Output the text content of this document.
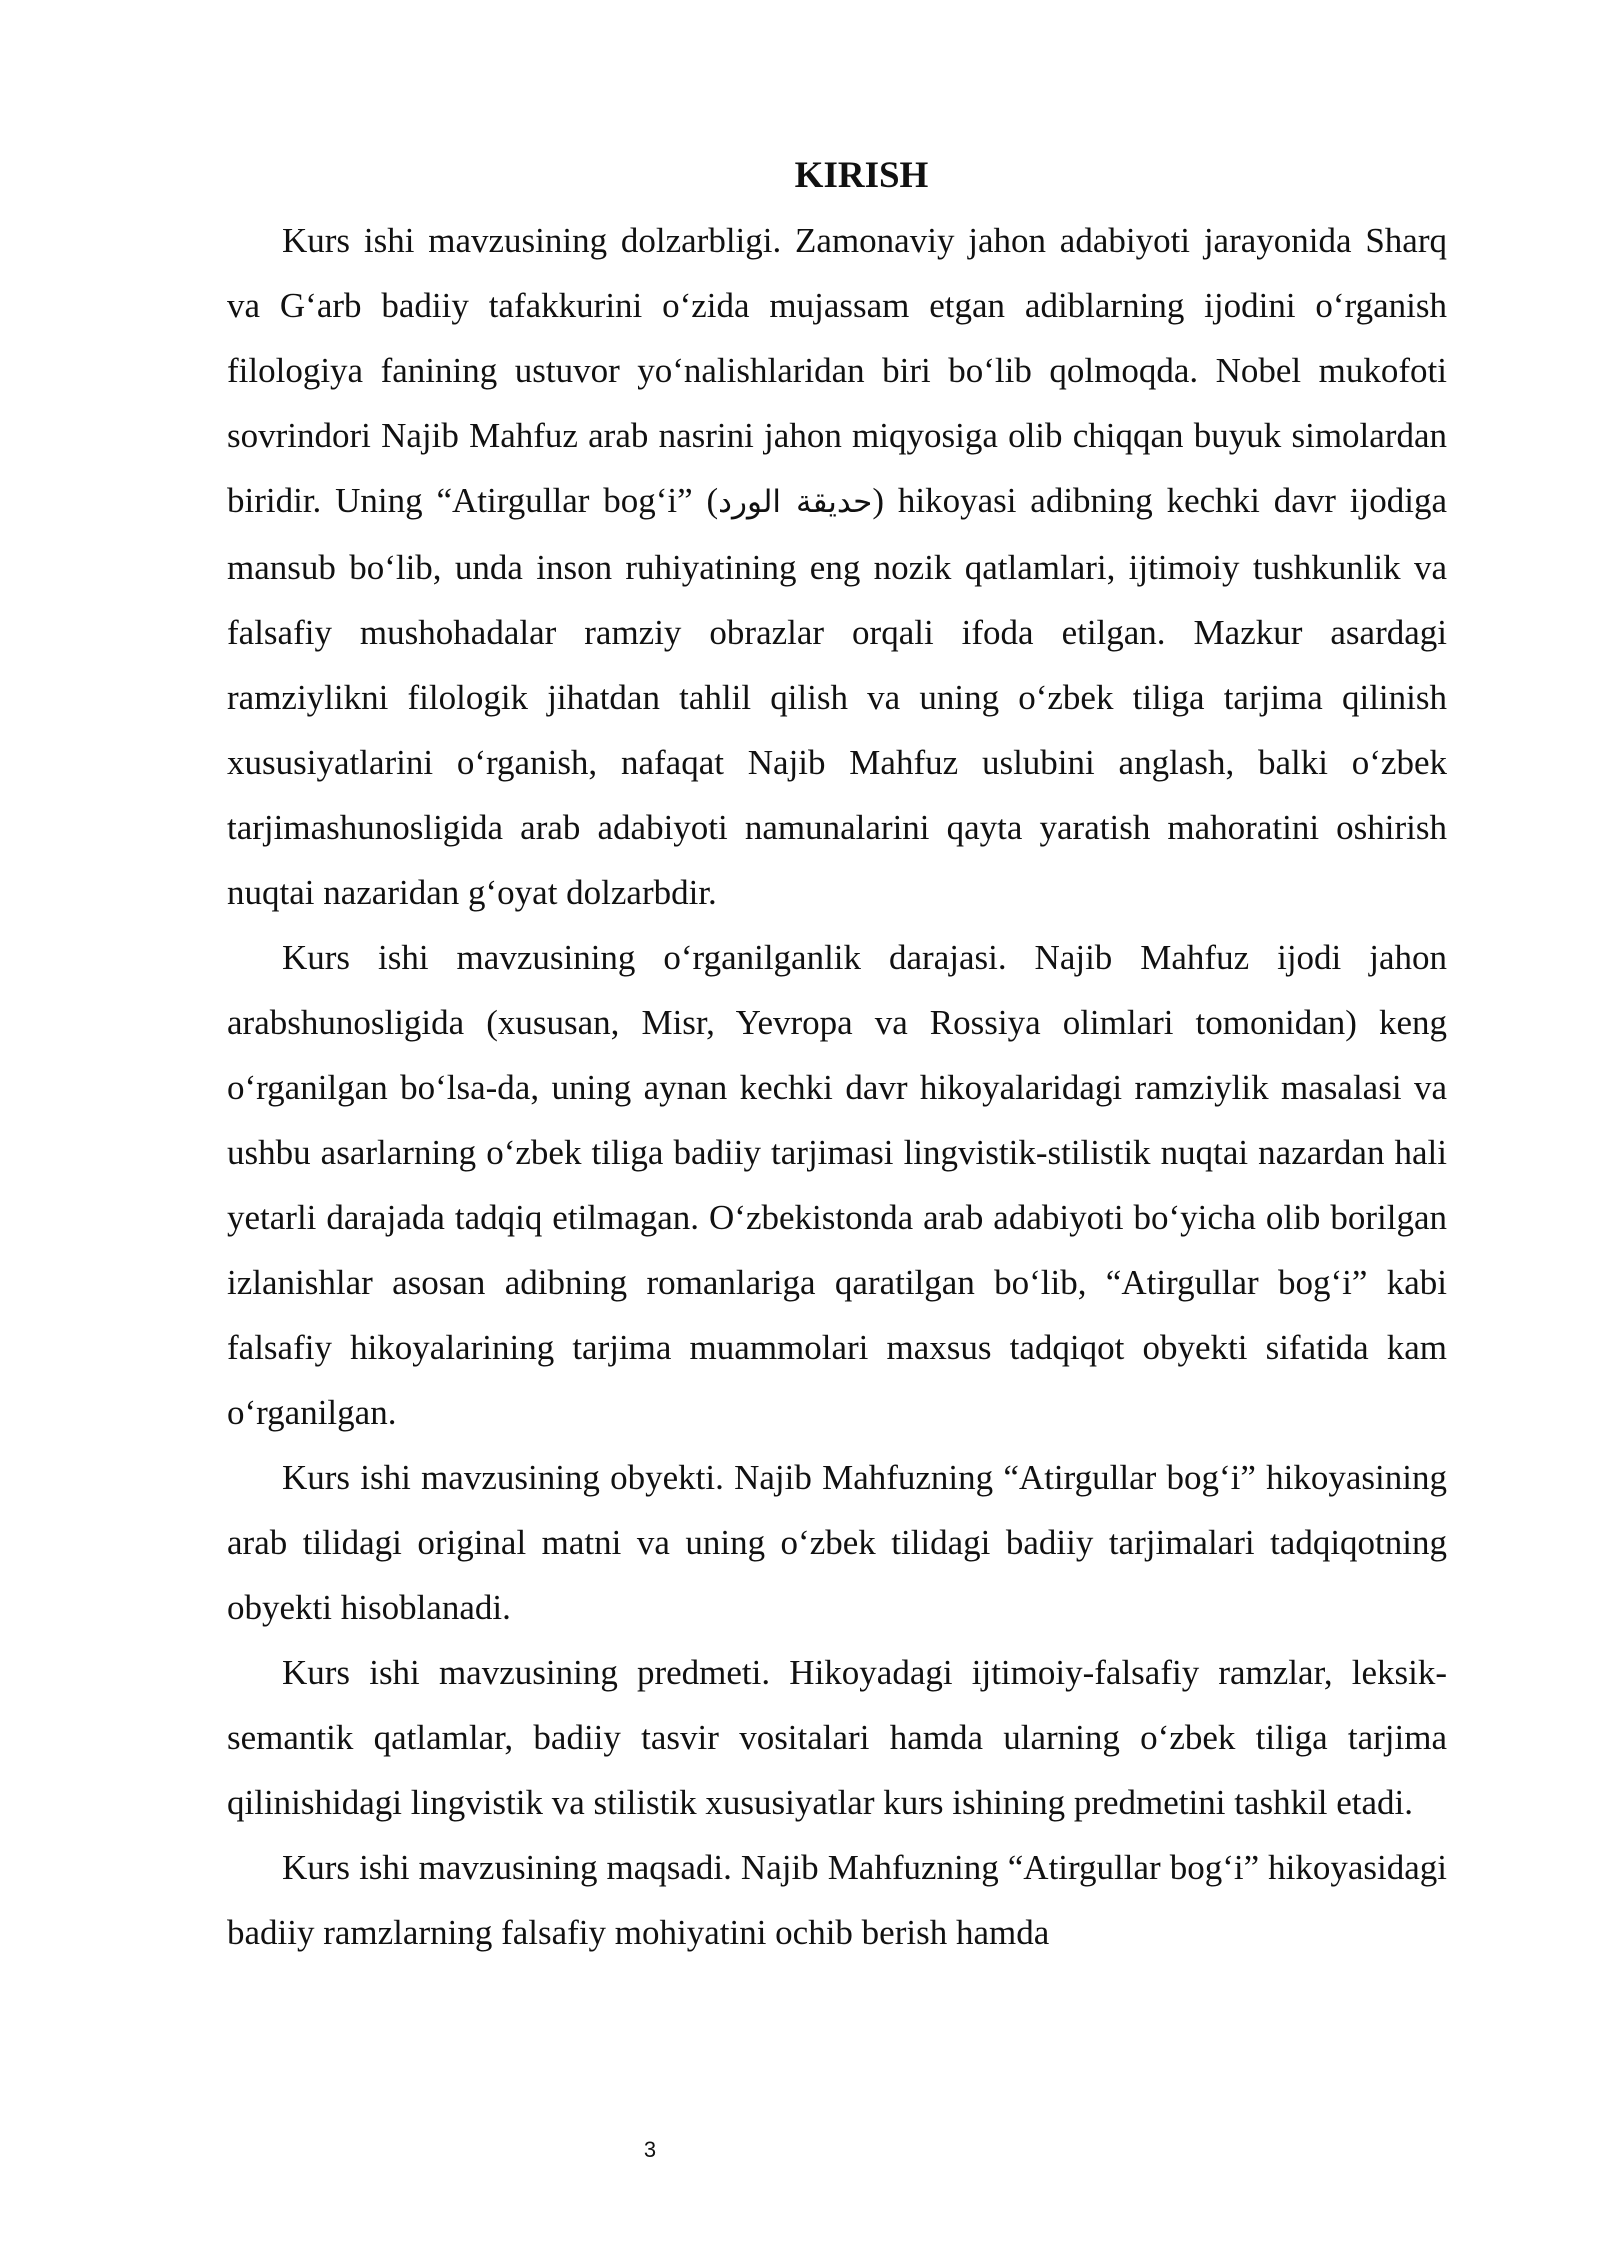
KIRISH

Kurs ishi mavzusining dolzarbligi. Zamonaviy jahon adabiyoti jarayonida Sharq va G‘arb badiiy tafakkurini o‘zida mujassam etgan adiblarning ijodini o‘rganish filologiya fanining ustuvor yo‘nalishlaridan biri bo‘lib qolmoqda. Nobel mukofoti sovrindori Najib Mahfuz arab nasrini jahon miqyosiga olib chiqqan buyuk simolardan biridir. Uning “Atirgullar bog‘i” (حديقة الورد) hikoyasi adibning kechki davr ijodiga mansub bo‘lib, unda inson ruhiyatining eng nozik qatlamlari, ijtimoiy tushkunlik va falsafiy mushohadalar ramziy obrazlar orqali ifoda etilgan. Mazkur asardagi ramziylikni filologik jihatdan tahlil qilish va uning o‘zbek tiliga tarjima qilinish xususiyatlarini o‘rganish, nafaqat Najib Mahfuz uslubini anglash, balki o‘zbek tarjimashunosligida arab adabiyoti namunalarini qayta yaratish mahoratini oshirish nuqtai nazaridan g‘oyat dolzarbdir.

Kurs ishi mavzusining o‘rganilganlik darajasi. Najib Mahfuz ijodi jahon arabshunosligida (xususan, Misr, Yevropa va Rossiya olimlari tomonidan) keng o‘rganilgan bo‘lsa-da, uning aynan kechki davr hikoyalaridagi ramziylik masalasi va ushbu asarlarning o‘zbek tiliga badiiy tarjimasi lingvistik-stilistik nuqtai nazardan hali yetarli darajada tadqiq etilmagan. O‘zbekistonda arab adabiyoti bo‘yicha olib borilgan izlanishlar asosan adibning romanlariga qaratilgan bo‘lib, “Atirgullar bog‘i” kabi falsafiy hikoyalarining tarjima muammolari maxsus tadqiqot obyekti sifatida kam o‘rganilgan.

Kurs ishi mavzusining obyekti. Najib Mahfuzning “Atirgullar bog‘i” hikoyasining arab tilidagi original matni va uning o‘zbek tilidagi badiiy tarjimalari tadqiqotning obyekti hisoblanadi.

Kurs ishi mavzusining predmeti. Hikoyadagi ijtimoiy-falsafiy ramzlar, leksik-semantik qatlamlar, badiiy tasvir vositalari hamda ularning o‘zbek tiliga tarjima qilinishidagi lingvistik va stilistik xususiyatlar kurs ishining predmetini tashkil etadi.

Kurs ishi mavzusining maqsadi. Najib Mahfuzning “Atirgullar bog‘i” hikoyasidagi badiiy ramzlarning falsafiy mohiyatini ochib berish hamda

3
